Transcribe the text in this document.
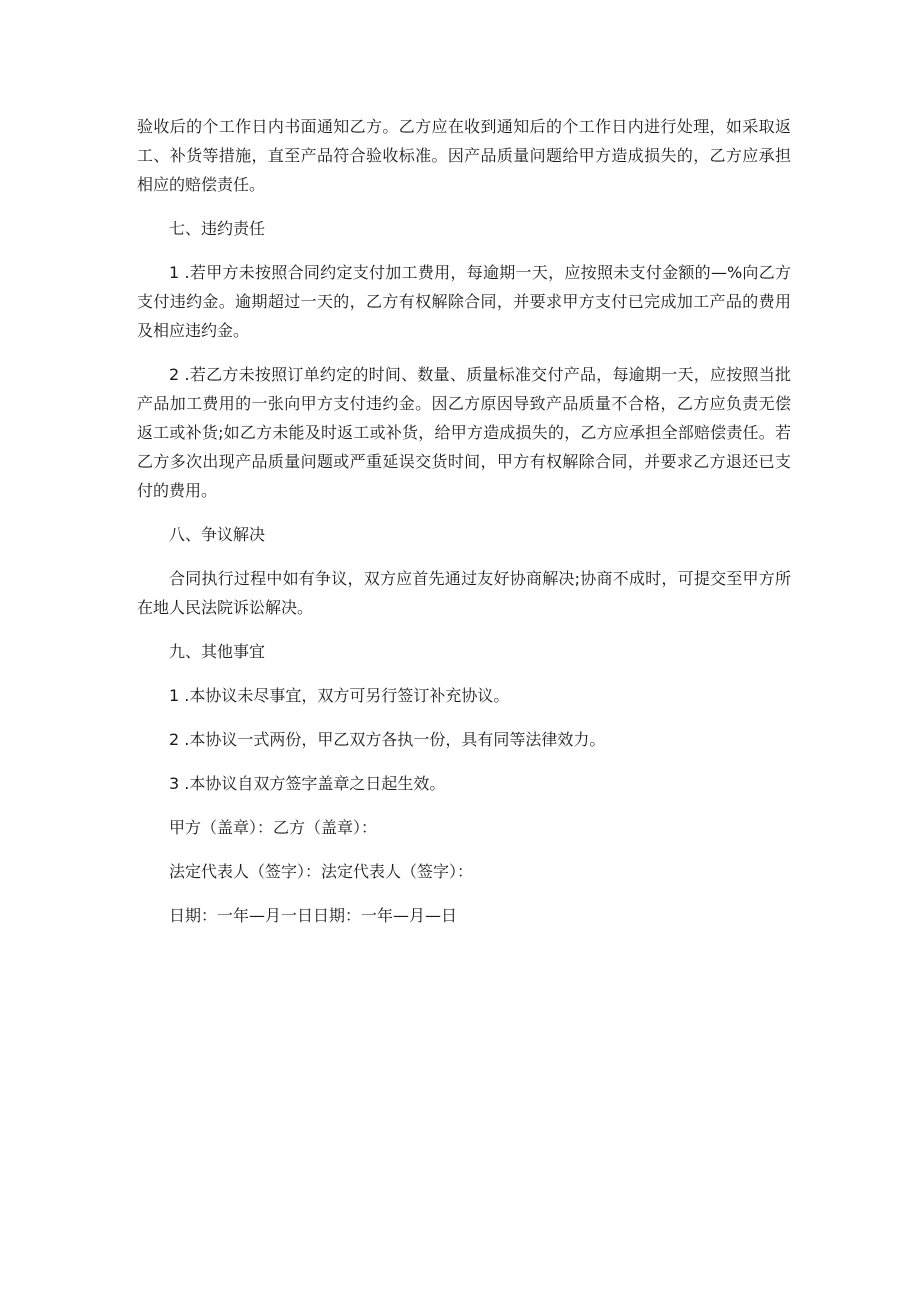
验收后的个工作日内书面通知乙方。乙方应在收到通知后的个工作日内进行处理，如采取返工、补货等措施，直至产品符合验收标准。因产品质量问题给甲方造成损失的，乙方应承担相应的赔偿责任。

七、违约责任

1 .若甲方未按照合同约定支付加工费用，每逾期一天，应按照未支付金额的—%向乙方支付违约金。逾期超过一天的，乙方有权解除合同，并要求甲方支付已完成加工产品的费用及相应违约金。

2 .若乙方未按照订单约定的时间、数量、质量标准交付产品，每逾期一天，应按照当批产品加工费用的一张向甲方支付违约金。因乙方原因导致产品质量不合格，乙方应负责无偿返工或补货;如乙方未能及时返工或补货，给甲方造成损失的，乙方应承担全部赔偿责任。若乙方多次出现产品质量问题或严重延误交货时间，甲方有权解除合同，并要求乙方退还已支付的费用。

八、争议解决

合同执行过程中如有争议，双方应首先通过友好协商解决;协商不成时，可提交至甲方所在地人民法院诉讼解决。

九、其他事宜

1 .本协议未尽事宜，双方可另行签订补充协议。

2 .本协议一式两份，甲乙双方各执一份，具有同等法律效力。

3 .本协议自双方签字盖章之日起生效。

甲方（盖章）：乙方（盖章）：

法定代表人（签字）：法定代表人（签字）：

日期：一年—月一日日期：一年—月—日
